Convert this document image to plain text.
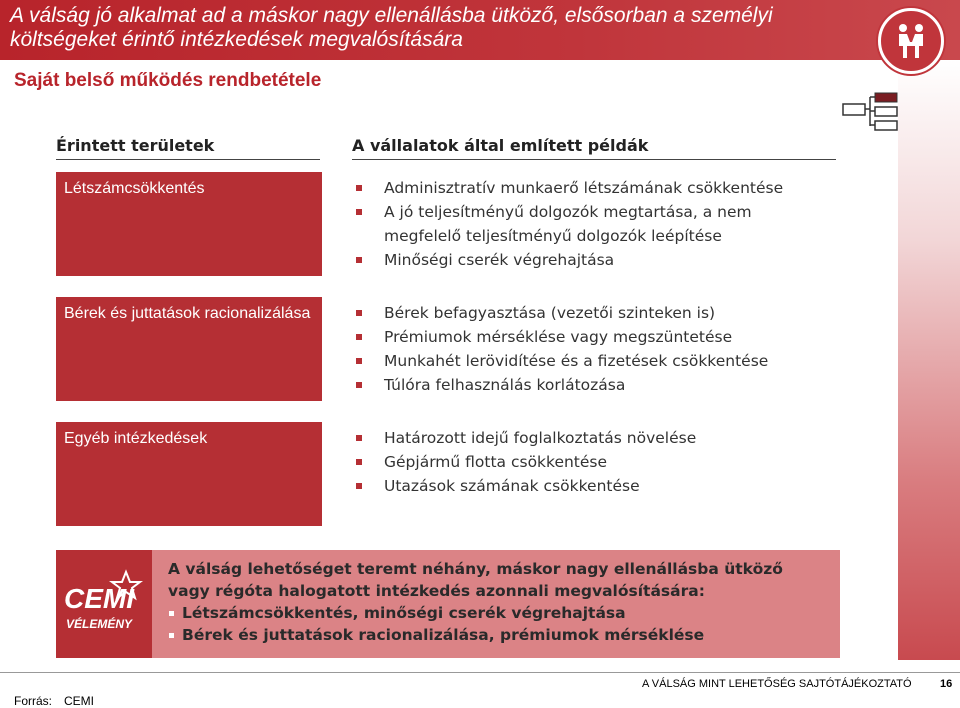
A válság jó alkalmat ad a máskor nagy ellenállásba ütköző, elsősorban a személyi költségeket érintő intézkedések megvalósítására
Saját belső működés rendbetétele
Érintett területek	A vállalatok által említett példák
Létszámcsökkentés	Adminisztratív munkaerő létszámának csökkentése
A jó teljesítményű dolgozók megtartása, a nem megfelelő teljesítményű dolgozók leépítése
Minőségi cserék végrehajtása
Bérek és juttatások racionalizálása	Bérek befagyasztása (vezetői szinteken is)
Prémiumok mérséklése vagy megszüntetése
Munkahét lerövidítése és a fizetések csökkentése
Túlóra felhasználás korlátozása
Egyéb intézkedések	Határozott idejű foglalkoztatás növelése
Gépjármű flotta csökkentése
Utazások számának csökkentése
CEMI
VÉLEMÉNY
A válság lehetőséget teremt néhány, máskor nagy ellenállásba ütköző vagy régóta halogatott intézkedés azonnali megvalósítására:
Létszámcsökkentés, minőségi cserék végrehajtása
Bérek és juttatások racionalizálása, prémiumok mérséklése
Forrás: CEMI
A VÁLSÁG MINT LEHETŐSÉG SAJTÓTÁJÉKOZTATÓ	16
